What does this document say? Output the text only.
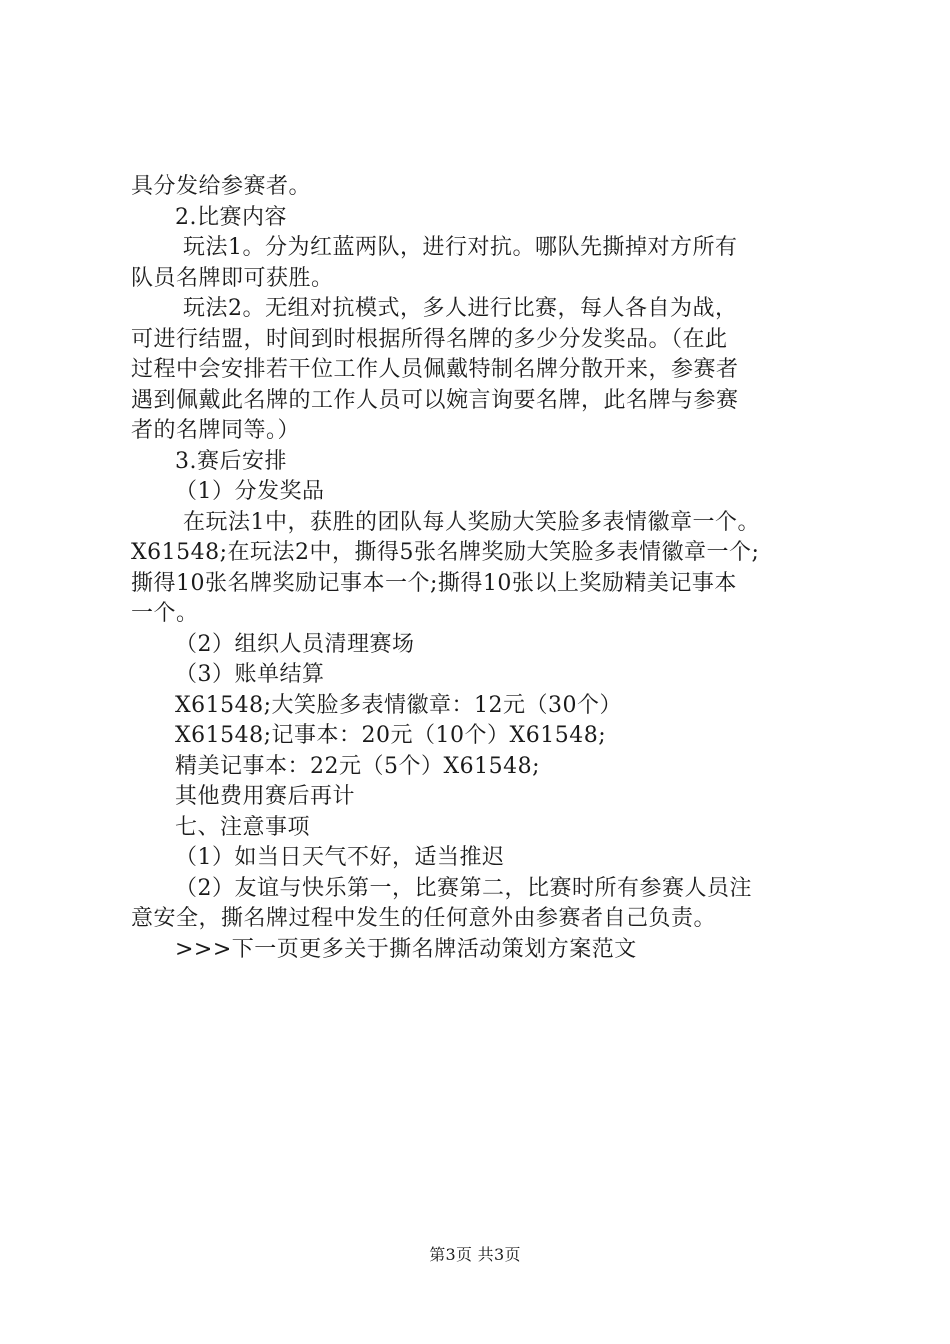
具分发给参赛者。
2.比赛内容
玩法1。分为红蓝两队，进行对抗。哪队先撕掉对方所有
队员名牌即可获胜。
玩法2。无组对抗模式，多人进行比赛，每人各自为战，
可进行结盟，时间到时根据所得名牌的多少分发奖品。（在此
过程中会安排若干位工作人员佩戴特制名牌分散开来，参赛者
遇到佩戴此名牌的工作人员可以婉言询要名牌，此名牌与参赛
者的名牌同等。）
3.赛后安排
（1）分发奖品
在玩法1中，获胜的团队每人奖励大笑脸多表情徽章一个。
X61548;在玩法2中，撕得5张名牌奖励大笑脸多表情徽章一个;
撕得10张名牌奖励记事本一个;撕得10张以上奖励精美记事本
一个。
（2）组织人员清理赛场
（3）账单结算
X61548;大笑脸多表情徽章：12元（30个）
X61548;记事本：20元（10个）X61548;
精美记事本：22元（5个）X61548;
其他费用赛后再计
七、注意事项
（1）如当日天气不好，适当推迟
（2）友谊与快乐第一，比赛第二，比赛时所有参赛人员注
意安全，撕名牌过程中发生的任何意外由参赛者自己负责。
>>>下一页更多关于撕名牌活动策划方案范文
第3页 共3页
